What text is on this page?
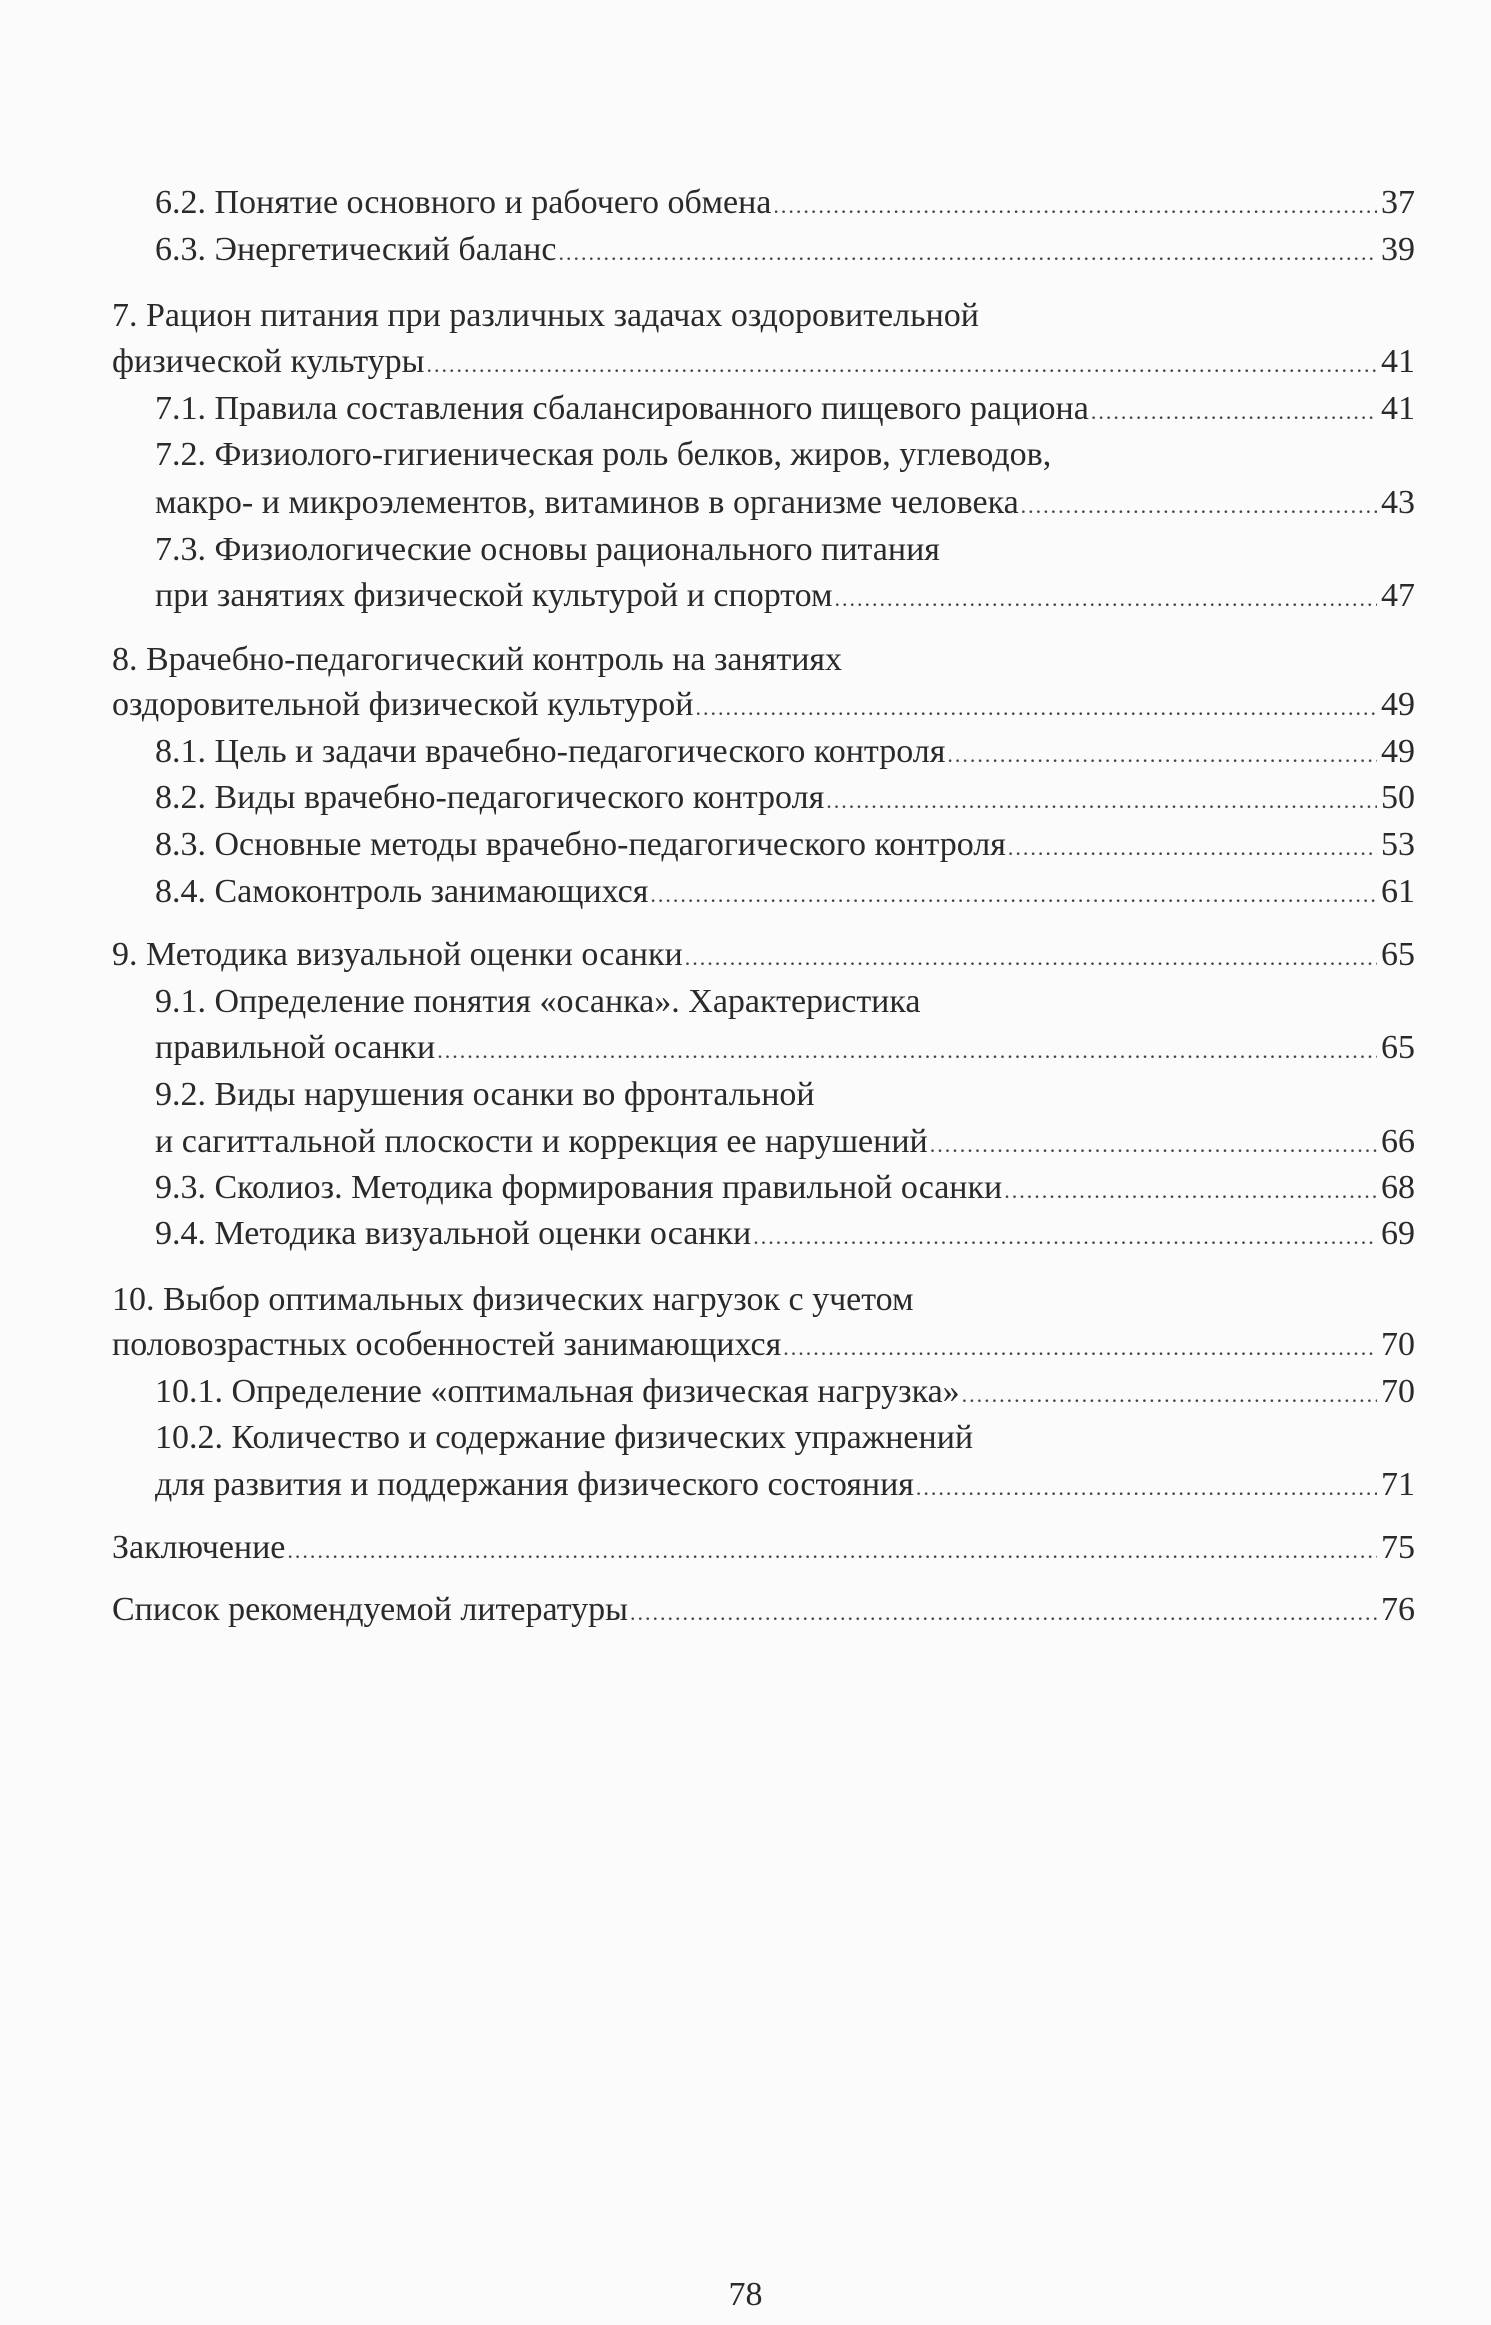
6.2. Понятие основного и рабочего обмена .....	37
6.3. Энергетический баланс .....	39
7. Рацион питания при различных задачах оздоровительной
физической культуры .....	41
7.1. Правила составления сбалансированного пищевого рациона .....	41
7.2. Физиолого-гигиеническая роль белков, жиров, углеводов,
макро- и микроэлементов, витаминов в организме человека .....	43
7.3. Физиологические основы рационального питания
при занятиях физической культурой и спортом .....	47
8. Врачебно-педагогический контроль на занятиях
оздоровительной физической культурой .....	49
8.1. Цель и задачи врачебно-педагогического контроля .....	49
8.2. Виды врачебно-педагогического контроля .....	50
8.3. Основные методы врачебно-педагогического контроля .....	53
8.4. Самоконтроль занимающихся .....	61
9. Методика визуальной оценки осанки .....	65
9.1. Определение понятия «осанка». Характеристика
правильной осанки .....	65
9.2. Виды нарушения осанки во фронтальной
и сагиттальной плоскости и коррекция ее нарушений .....	66
9.3. Сколиоз. Методика формирования правильной осанки .....	68
9.4. Методика визуальной оценки осанки .....	69
10. Выбор оптимальных физических нагрузок с учетом
половозрастных особенностей занимающихся .....	70
10.1. Определение «оптимальная физическая нагрузка» .....	70
10.2. Количество и содержание физических упражнений
для развития и поддержания физического состояния .....	71
Заключение .....	75
Список рекомендуемой литературы .....	76
78
